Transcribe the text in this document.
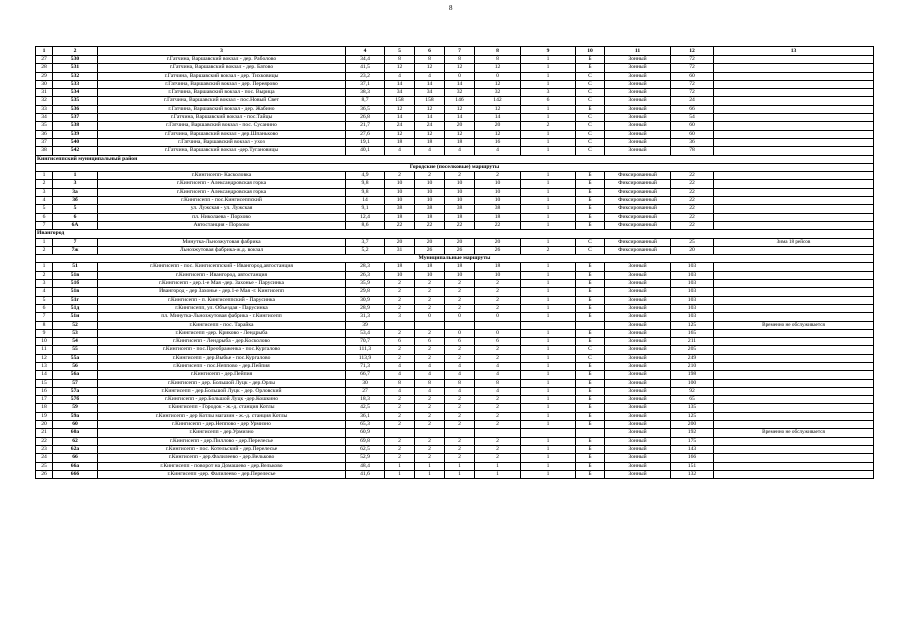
8
1	2	3	4	5	6	7	8	9	10	11	12	13
27	530	г.Гатчина, Варшавский вокзал - дер. Раболово	34,4	8	8	8	8	1	Б	Зонный	72	
28	531	г.Гатчина, Варшавский вокзал - дер. Батово	41,5	12	12	12	12	1	Б	Зонный	72	
29	532	г.Гатчина, Варшавский вокзал - дер. Тихковицы	23,2	4	4	0	0	1	С	Зонный	60	
30	533	г.Гатчина, Варшавский вокзал - дер. Переярово	37,1	14	14	14	12	1	С	Зонный	72	
31	534	г.Гатчина, Варшавский вокзал - пос. Вырица	38,3	34	34	32	32	3	С	Зонный	72	
32	535	г.Гатчина, Варшавский вокзал - пос.Новый Свет	8,7	158	158	146	142	6	С	Зонный	24	
33	536	г.Гатчина, Варшавский вокзал - дер. Жабино	36,5	12	12	12	12	1	Б	Зонный	66	
34	537	г.Гатчина, Варшавский вокзал - пос.Тайцы	26,8	14	14	14	14	1	С	Зонный	54	
35	538	г.Гатчина, Варшавский вокзал - пос. Сусанино	21,7	24	24	20	20	2	С	Зонный	60	
36	539	г.Гатчина, Варшавский вокзал - дер.Шпаньково	27,6	12	12	12	12	1	С	Зонный	60	
37	540	г.Гатчина, Варшавский вокзал - ухоз	19,1	18	18	18	16	1	С	Зонный	36	
38	542	г.Гатчина, Варшавский вокзал -дер.Тугановицы	40,1	4	4	4	4	1	С	Зонный	78	
Кингисеппский муниципальный район												
Городские (поселковые) маршруты												
1	1	г.Кингисепп- Касколовка	4,9	2	2	2	2	1	Б	Фиксированный	22	
2	3	г.Кингисепп - Александровская горка	9,8	10	10	10	10	1	Б	Фиксированный	22	
3	3а	г.Кингисепп - Александровская горка	9,8	10	10	10	10	1	Б	Фиксированный	22	
4	3б	г.Кингисепп - пос.Кингисеппский	14	10	10	10	10	1	Б	Фиксированный	22	
5	5	ул. Лужская - ул. Лужская	9,1	38	38	38	38	1	Б	Фиксированный	22	
6	6	пл. Николаева - Порхово	12,4	18	18	18	18	1	Б	Фиксированный	22	
7	6А	Автостанция - Порхово	8,6	22	22	22	22	1	Б	Фиксированный	22	
Ивангород												
1	7	Минутка-Льнозжутовая фабрика	3,7	20	20	20	20	1	С	Фиксированный	25	Зима 18 рейсов
2	7ж	Льнозжутовая фабрика-ж.д. вокзал	5,2	31	26	26	26	2	С	Фиксированный	20	
Муниципальные маршруты												
1	51	г.Кингисепп - пос. Кингисеппский - Ивангород,автостанция	28,3	18	18	18	18	1	Б	Зонный	103	
2	51в	г.Кингисепп - Ивангород, автостанция	26,3	10	10	10	10	1	Б	Зонный	103	
3	51б	г.Кингисепп - дер.1-е Мая -дер. Захонье - Парусинка	35,9	2	2	2	2	1	Б	Зонный	103	
4	51в	Ивангород - дер Захонье - дер.1-е Мая -г. Кингисепп	29,8	2	2	2	2	1	Б	Зонный	103	
5	51г	г.Кингисепп - п. Кингисеппский - Парусинка	30,9	2	2	2	2	1	Б	Зонный	103	
6	51д	г.Кингисепп, ул. Объездая - Парусинка	28,9	2	2	2	2	1	Б	Зонный	103	
7	51и	пл. Минутка-Льнозжутовая фабрика - г.Кингисепп	31,3	3	0	0	0	1	Б	Зонный	103	
8	52	г.Кингисепп - пос. Тарайка	39							Зонный	125	Временно не обслуживается
9	53	г.Кингисепп -дер. Криково - Лендрыба	53,4	2	2	0	0	1	Б	Зонный	165	
10	54	г.Кингисепп - Лендрыба - дер.Косколово	70,7	6	6	6	6	1	Б	Зонный	211	
11	55	г.Кингисепп - пос.Преображенка - пос.Кургалово	111,3	2	2	2	2	1	С	Зонный	205	
12	55а	г.Кингисепп - дер.Выбье - пос.Кургалово	113,9	2	2	2	2	1	С	Зонный	249	
13	56	г.Кингисепп - пос.Неппово - дер.Пейпия	71,3	4	4	4	4	1	Б	Зонный	210	
14	56а	г.Кингисепп - дер.Пейпия	66,7	4	4	4	4	1	Б	Зонный	198	
15	57	г.Кингисепп - дер. Большой Луцк - дер.Орлы	30	8	8	8	8	1	Б	Зонный	100	
16	57а	г.Кингисепп - дер.Большой Луцк - дер. Орловский	27	4	4	4	4	1	Б	Зонный	92	
17	57б	г.Кингисепп - дер.Большой Луцк -дер.Кошкино	18,3	2	2	2	2	1	Б	Зонный	65	
18	59	г.Кингисепп - Городок - ж.-д. станция Котлы	42,5	2	2	2	2	1	Б	Зонный	135	
19	59а	г.Кингисепп - дер Котлы магазин - ж.-д. станция Котлы	36,1	2	2	2	2	1	Б	Зонный	125	
20	60	г.Кингисепп - дер.Неппово - дер Урмизно	65,3	2	2	2	2	1	Б	Зонный	200	
21	60а	г.Кингисепп - дер.Урмизно	60,9							Зонный	192	Временно не обслуживается
22	62	г.Кингисепп - дер.Пиллово - дер.Перелесье	69,8	2	2	2	2	1	Б	Зонный	175	
23	62а	г.Кингисепп - пос. Котельский - дер.Перелесье	62,5	2	2	2	2	1	Б	Зонный	143	
24	66	г.Кингисепп - дер.Фалилеево - дер.Вельково	52,9	2	2	2	2	1	Б	Зонный	166	
25	66а	г.Кингисепп - поворот на Домашево - дер.Вельково	48,4	1	1	1	1	1	Б	Зонный	151	
26	666	г.Кингисепп -дер. Фалилеево - дер.Перелесье	41,6	1	1	1	1	1	Б	Зонный	132	
